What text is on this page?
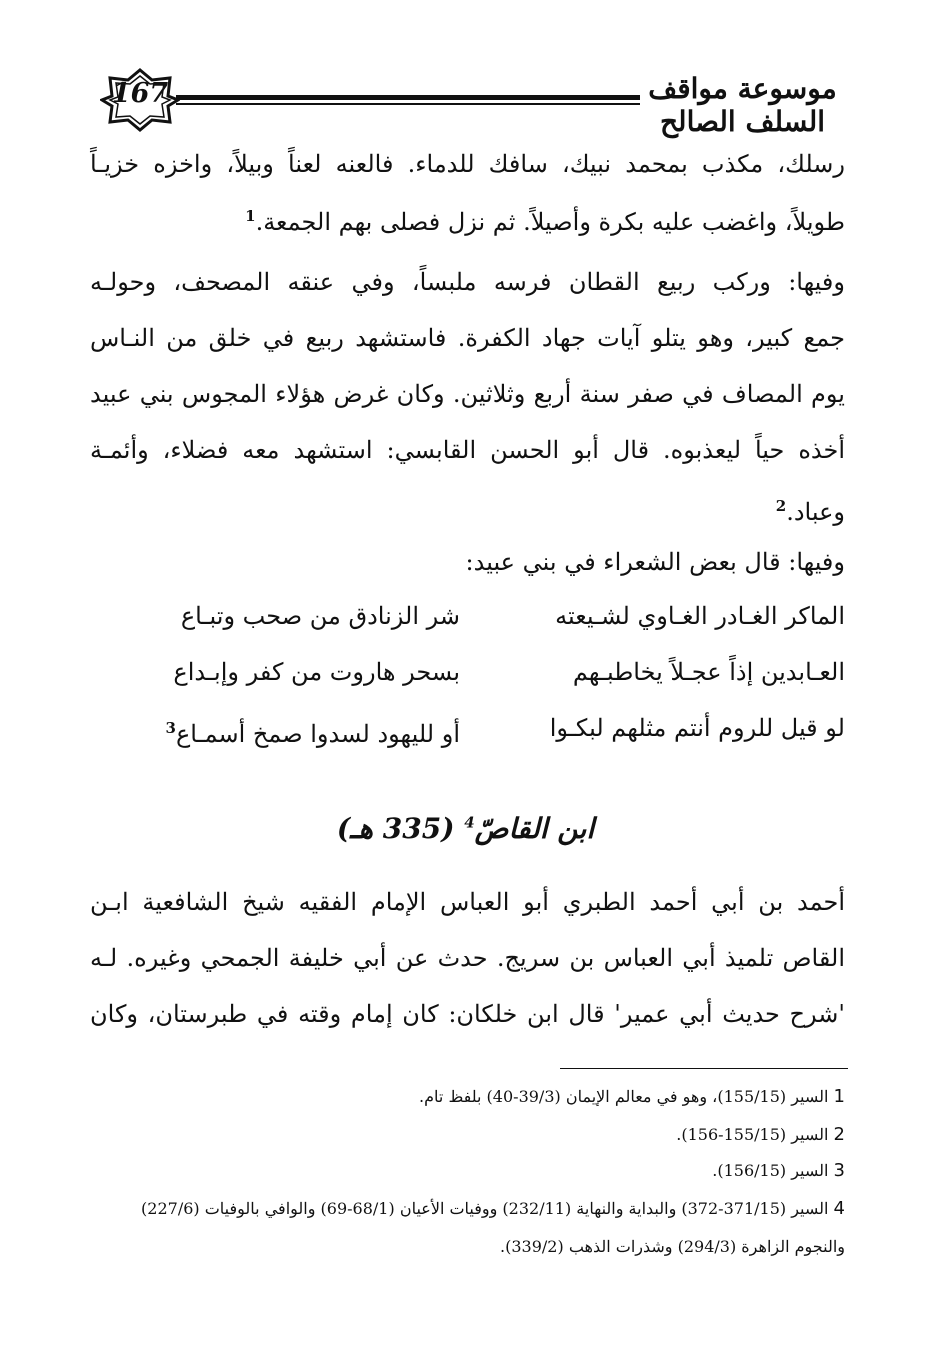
167	موسوعة مواقف السلف الصالح
رسلك، مكذب بمحمد نبيك، سافك للدماء. فالعنه لعناً وبيلاً، واخزه خزيـاً
طويلاً، واغضب عليه بكرة وأصيلاً. ثم نزل فصلى بهم الجمعة.$^1$
وفيها: وركب ربيع القطان فرسه ملبساً، وفي عنقه المصحف، وحولـه
جمع كبير، وهو يتلو آيات جهاد الكفرة. فاستشهد ربيع في خلق من النـاس
يوم المصاف في صفر سنة أربع وثلاثين. وكان غرض هؤلاء المجوس بني عبيد
أخذه حياً ليعذبوه. قال أبو الحسن القابسي: استشهد معه فضلاء، وأئمـة
وعباد.$^2$
وفيها: قال بعض الشعراء في بني عبيد:
الماكر الغـادر الغـاوي لشـيعته
شر الزنادق من صحب وتبـاع
العـابدين إذاً عجـلاً يخاطبـهم
بسحر هاروت من كفر وإبـداع
لو قيل للروم أنتم مثلهم لبكـوا
أو لليهود لسدوا صمخ أسمـاع$^3$
ابن القاصّ$^4$ (335 هـ)
أحمد بن أبي أحمد الطبري أبو العباس الإمام الفقيه شيخ الشافعية ابـن
القاص تلميذ أبي العباس بن سريج. حدث عن أبي خليفة الجمحي وغيره. لـه
'شرح حديث أبي عمير' قال ابن خلكان: كان إمام وقته في طبرستان، وكان
1 السير (155/15)، وهو في معالم الإيمان (39/3-40) بلفظ تام.
2 السير (155/15-156).
3 السير (156/15).
4 السير (371/15-372) والبداية والنهاية (232/11) ووفيات الأعيان (68/1-69) والوافي بالوفيات (227/6)
والنجوم الزاهرة (294/3) وشذرات الذهب (339/2).
